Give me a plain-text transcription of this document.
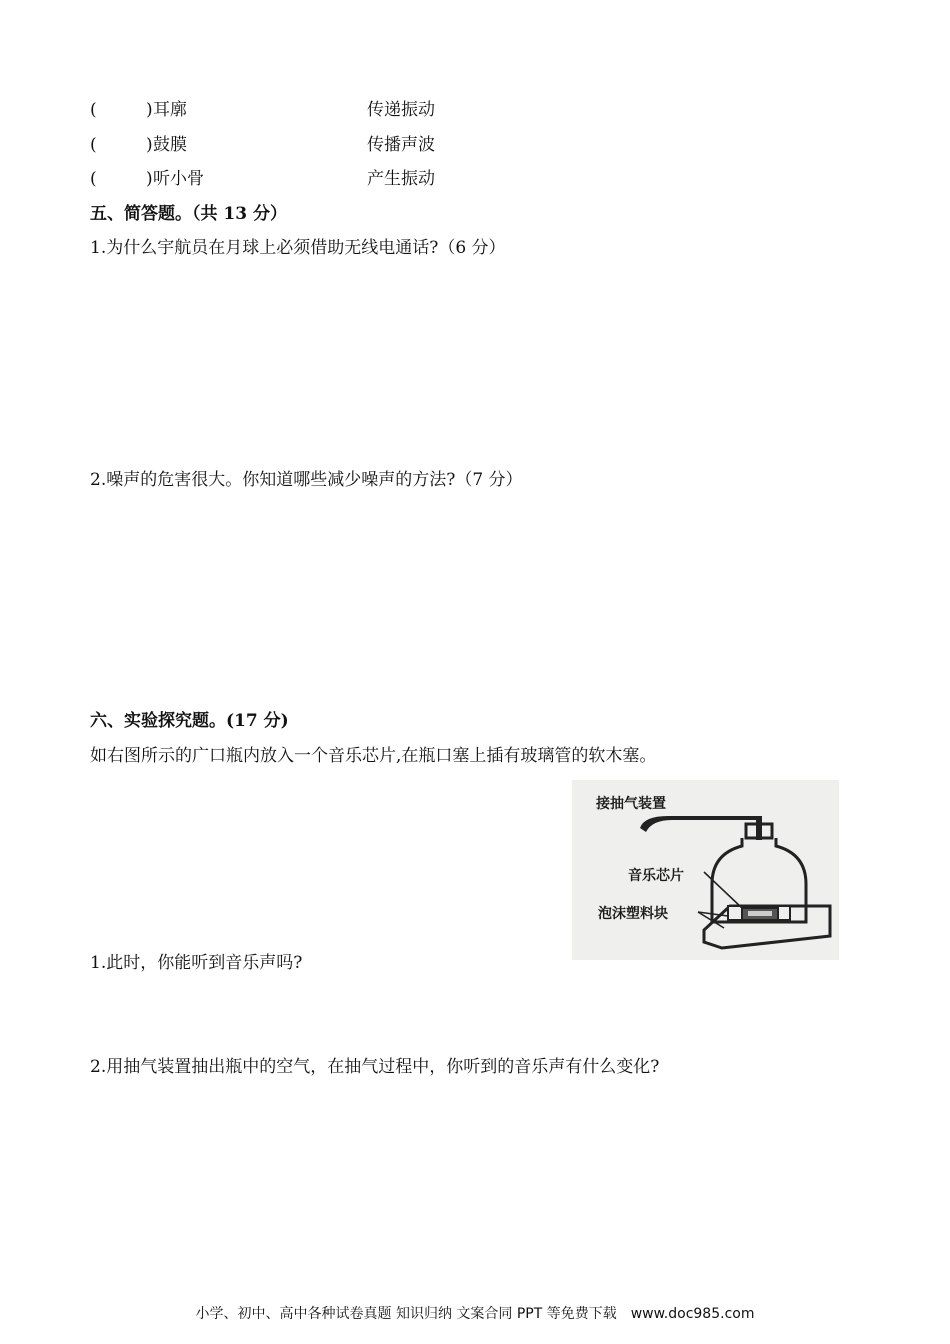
(	) 耳廓	传递振动
(	) 鼓膜	传播声波
(	) 听小骨	产生振动
五、简答题。（共 13 分）
1.为什么宇航员在月球上必须借助无线电通话?（6 分）
2.噪声的危害很大。你知道哪些减少噪声的方法?（7 分）
六、实验探究题。(17 分)
如右图所示的广口瓶内放入一个音乐芯片,在瓶口塞上插有玻璃管的软木塞。
接抽气装置
音乐芯片
泡沫塑料块
1.此时，你能听到音乐声吗?
2.用抽气装置抽出瓶中的空气，在抽气过程中，你听到的音乐声有什么变化?
小学、初中、高中各种试卷真题 知识归纳 文案合同 PPT 等免费下载　www.doc985.com
